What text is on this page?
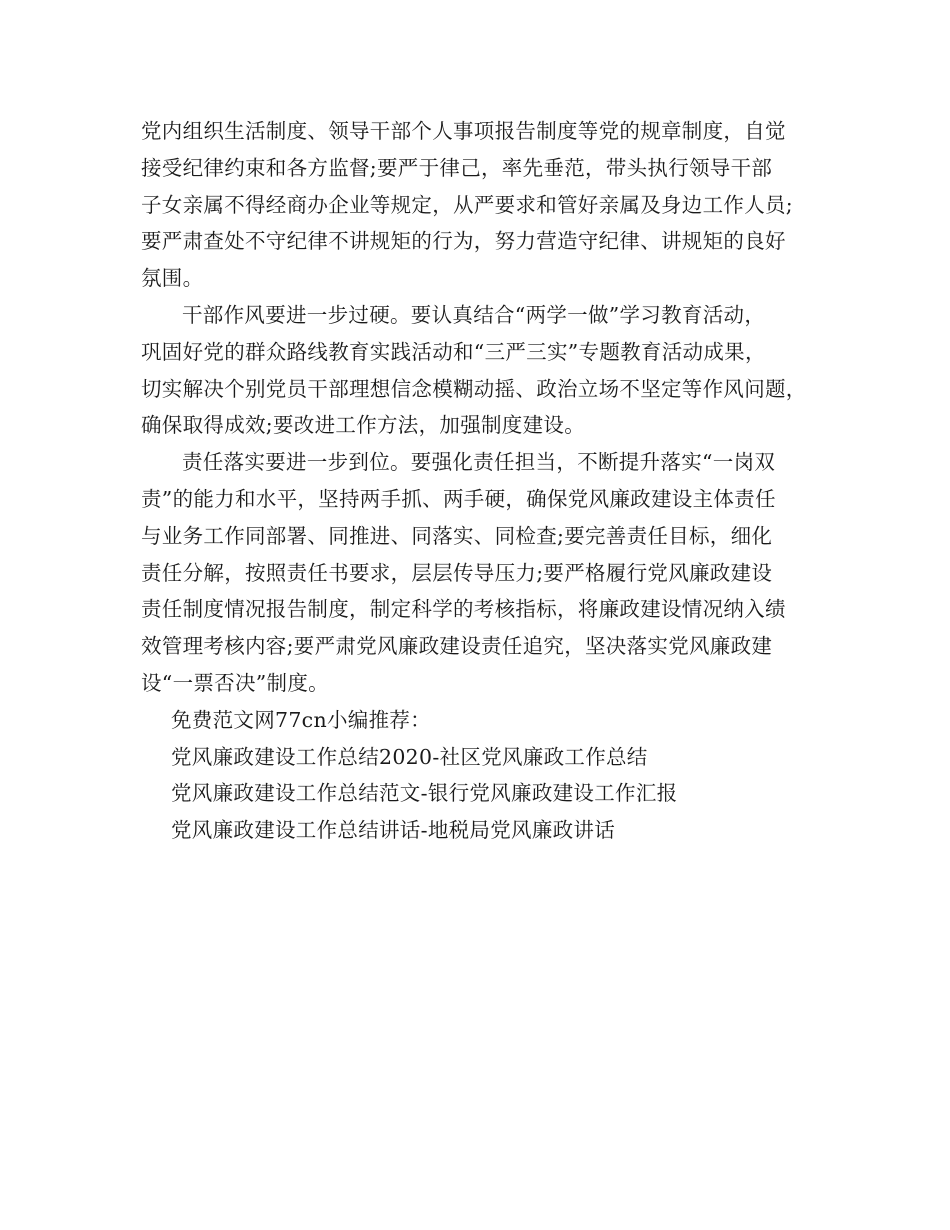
党内组织生活制度、领导干部个人事项报告制度等党的规章制度，自觉
接受纪律约束和各方监督;要严于律己，率先垂范，带头执行领导干部
子女亲属不得经商办企业等规定，从严要求和管好亲属及身边工作人员;
要严肃查处不守纪律不讲规矩的行为，努力营造守纪律、讲规矩的良好
氛围。
干部作风要进一步过硬。要认真结合“两学一做”学习教育活动，
巩固好党的群众路线教育实践活动和“三严三实”专题教育活动成果，
切实解决个别党员干部理想信念模糊动摇、政治立场不坚定等作风问题，
确保取得成效;要改进工作方法，加强制度建设。
责任落实要进一步到位。要强化责任担当，不断提升落实“一岗双
责”的能力和水平，坚持两手抓、两手硬，确保党风廉政建设主体责任
与业务工作同部署、同推进、同落实、同检查;要完善责任目标，细化
责任分解，按照责任书要求，层层传导压力;要严格履行党风廉政建设
责任制度情况报告制度，制定科学的考核指标，将廉政建设情况纳入绩
效管理考核内容;要严肃党风廉政建设责任追究，坚决落实党风廉政建
设“一票否决”制度。
免费范文网77cn小编推荐：
党风廉政建设工作总结2020-社区党风廉政工作总结
党风廉政建设工作总结范文-银行党风廉政建设工作汇报
党风廉政建设工作总结讲话-地税局党风廉政讲话
